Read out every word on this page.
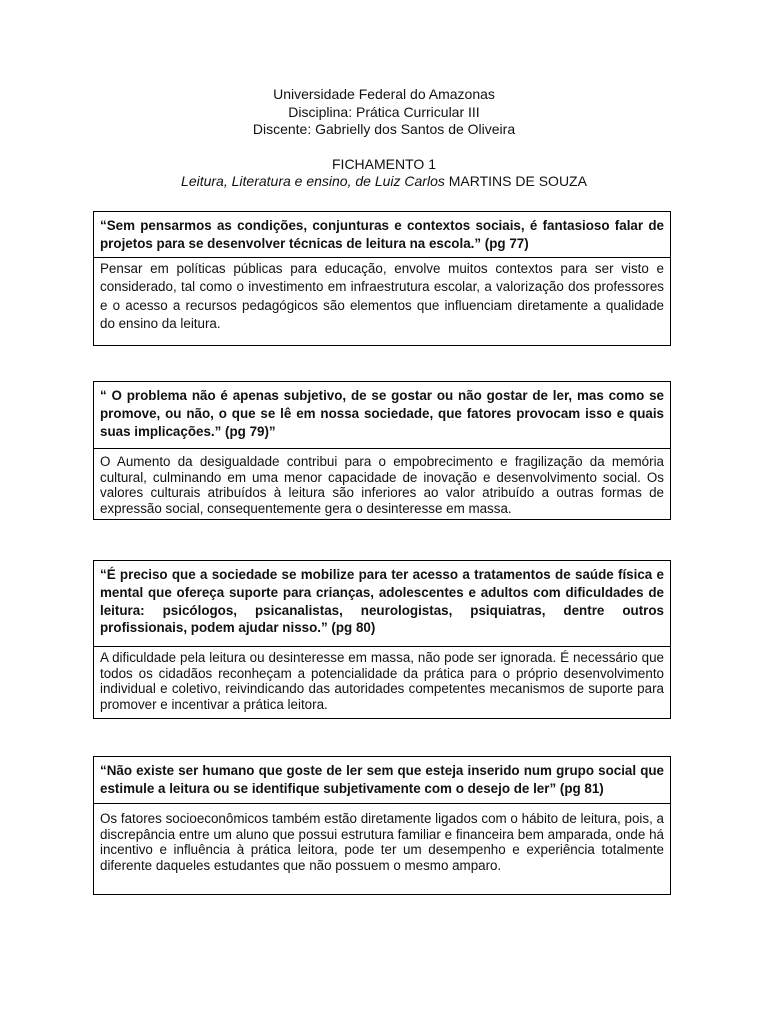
Universidade Federal do Amazonas
Disciplina: Prática Curricular III
Discente: Gabrielly dos Santos de Oliveira
FICHAMENTO 1
Leitura, Literatura e ensino, de Luiz Carlos MARTINS DE SOUZA
“Sem pensarmos as condições, conjunturas e contextos sociais, é fantasioso falar de projetos para se desenvolver técnicas de leitura na escola.” (pg 77)
Pensar em políticas públicas para educação, envolve muitos contextos para ser visto e considerado, tal como o investimento em infraestrutura escolar, a valorização dos professores e o acesso a recursos pedagógicos são elementos que influenciam diretamente a qualidade do ensino da leitura.
“ O problema não é apenas subjetivo, de se gostar ou não gostar de ler, mas como se promove, ou não, o que se lê em nossa sociedade, que fatores provocam isso e quais suas implicações.” (pg 79)”
O Aumento da desigualdade contribui para o empobrecimento e fragilização da memória cultural, culminando em uma menor capacidade de inovação e desenvolvimento social. Os valores culturais atribuídos à leitura são inferiores ao valor atribuído a outras formas de expressão social, consequentemente gera o desinteresse em massa.
“É preciso que a sociedade se mobilize para ter acesso a tratamentos de saúde física e mental que ofereça suporte para crianças, adolescentes e adultos com dificuldades de leitura: psicólogos, psicanalistas, neurologistas, psiquiatras, dentre outros profissionais, podem ajudar nisso.” (pg 80)
A dificuldade pela leitura ou desinteresse em massa, não pode ser ignorada. É necessário que todos os cidadãos reconheçam a potencialidade da prática para o próprio desenvolvimento individual e coletivo, reivindicando das autoridades competentes mecanismos de suporte para promover e incentivar a prática leitora.
“Não existe ser humano que goste de ler sem que esteja inserido num grupo social que estimule a leitura ou se identifique subjetivamente com o desejo de ler” (pg 81)
Os fatores socioeconômicos também estão diretamente ligados com o hábito de leitura, pois, a discrepância entre um aluno que possui estrutura familiar e financeira bem amparada, onde há incentivo e influência à prática leitora, pode ter um desempenho e experiência totalmente diferente daqueles estudantes que não possuem o mesmo amparo.
